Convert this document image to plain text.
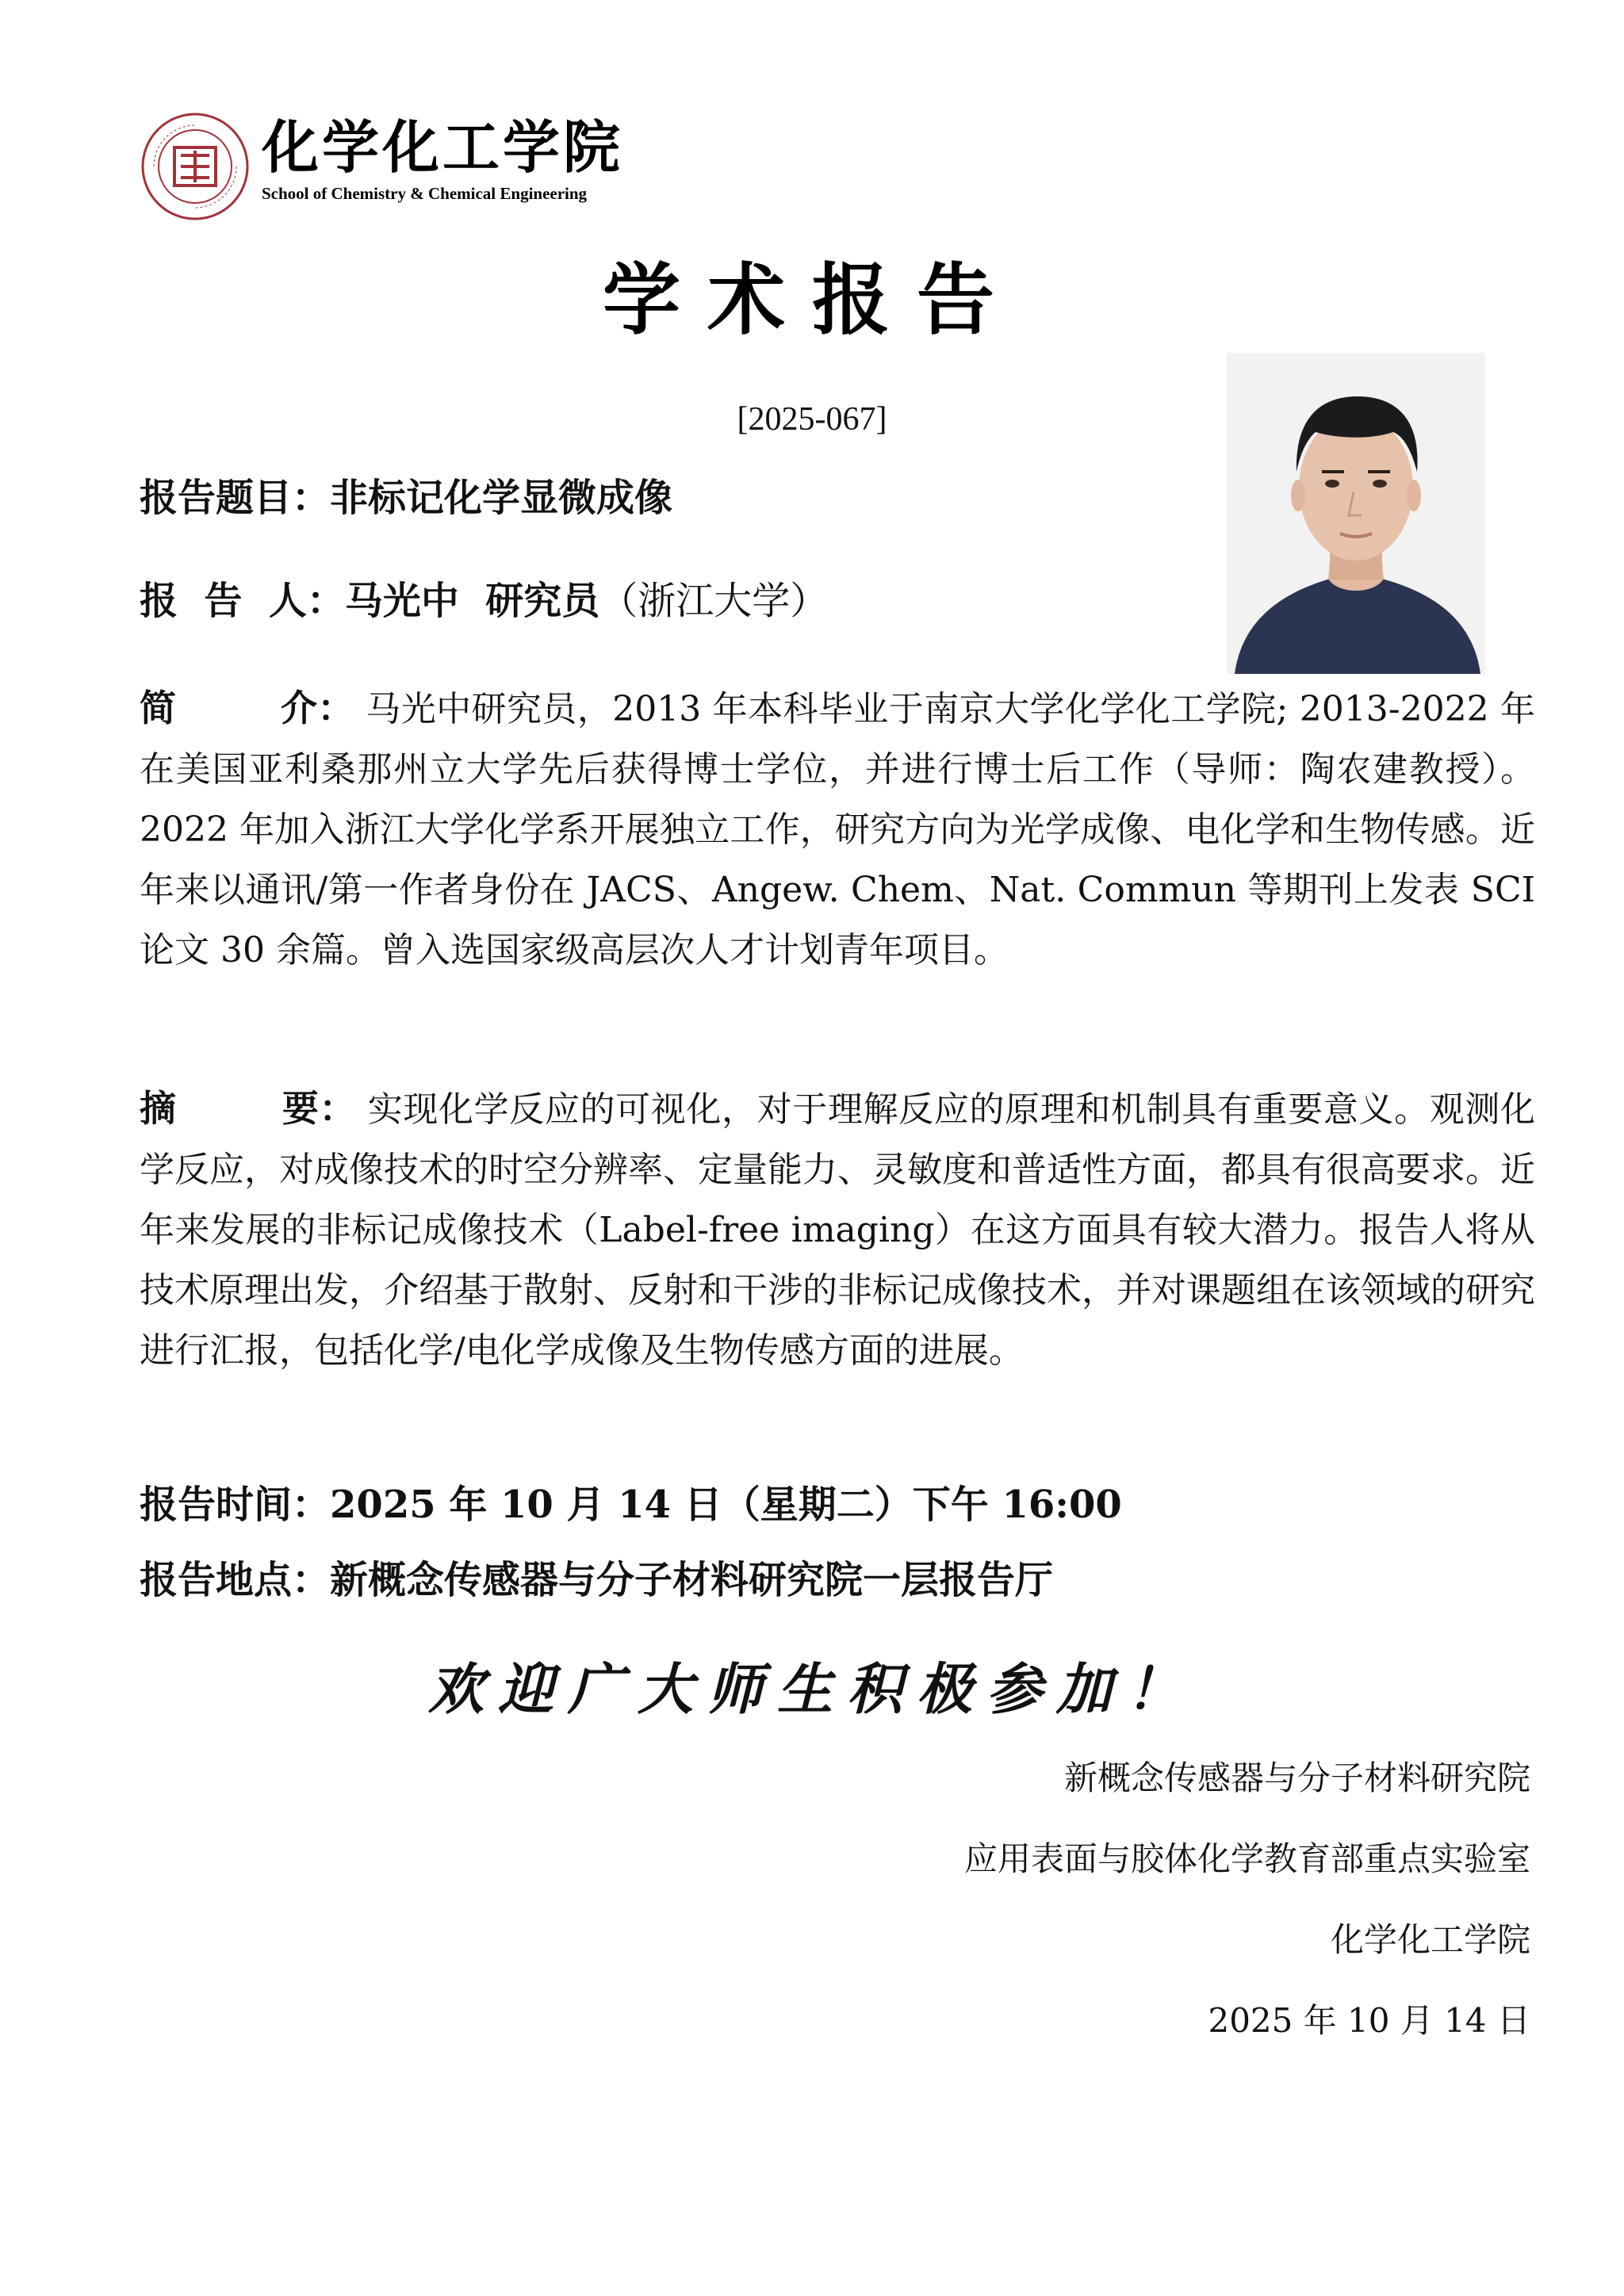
化学化工学院
School of Chemistry & Chemical Engineering
学术报告
[2025-067]
报告题目：非标记化学显微成像
报  告  人：马光中  研究员（浙江大学）
简        介： 马光中研究员，2013 年本科毕业于南京大学化学化工学院; 2013-2022 年在美国亚利桑那州立大学先后获得博士学位，并进行博士后工作（导师：陶农建教授）。2022 年加入浙江大学化学系开展独立工作，研究方向为光学成像、电化学和生物传感。近年来以通讯/第一作者身份在 JACS、Angew. Chem、Nat. Commun 等期刊上发表 SCI 论文 30 余篇。曾入选国家级高层次人才计划青年项目。
摘        要： 实现化学反应的可视化，对于理解反应的原理和机制具有重要意义。观测化学反应，对成像技术的时空分辨率、定量能力、灵敏度和普适性方面，都具有很高要求。近年来发展的非标记成像技术（Label-free imaging）在这方面具有较大潜力。报告人将从技术原理出发，介绍基于散射、反射和干涉的非标记成像技术，并对课题组在该领域的研究进行汇报，包括化学/电化学成像及生物传感方面的进展。
报告时间：2025 年 10 月 14 日（星期二）下午 16:00
报告地点：新概念传感器与分子材料研究院一层报告厅
欢迎广大师生积极参加！
新概念传感器与分子材料研究院
应用表面与胶体化学教育部重点实验室
化学化工学院
2025 年 10 月 14 日
